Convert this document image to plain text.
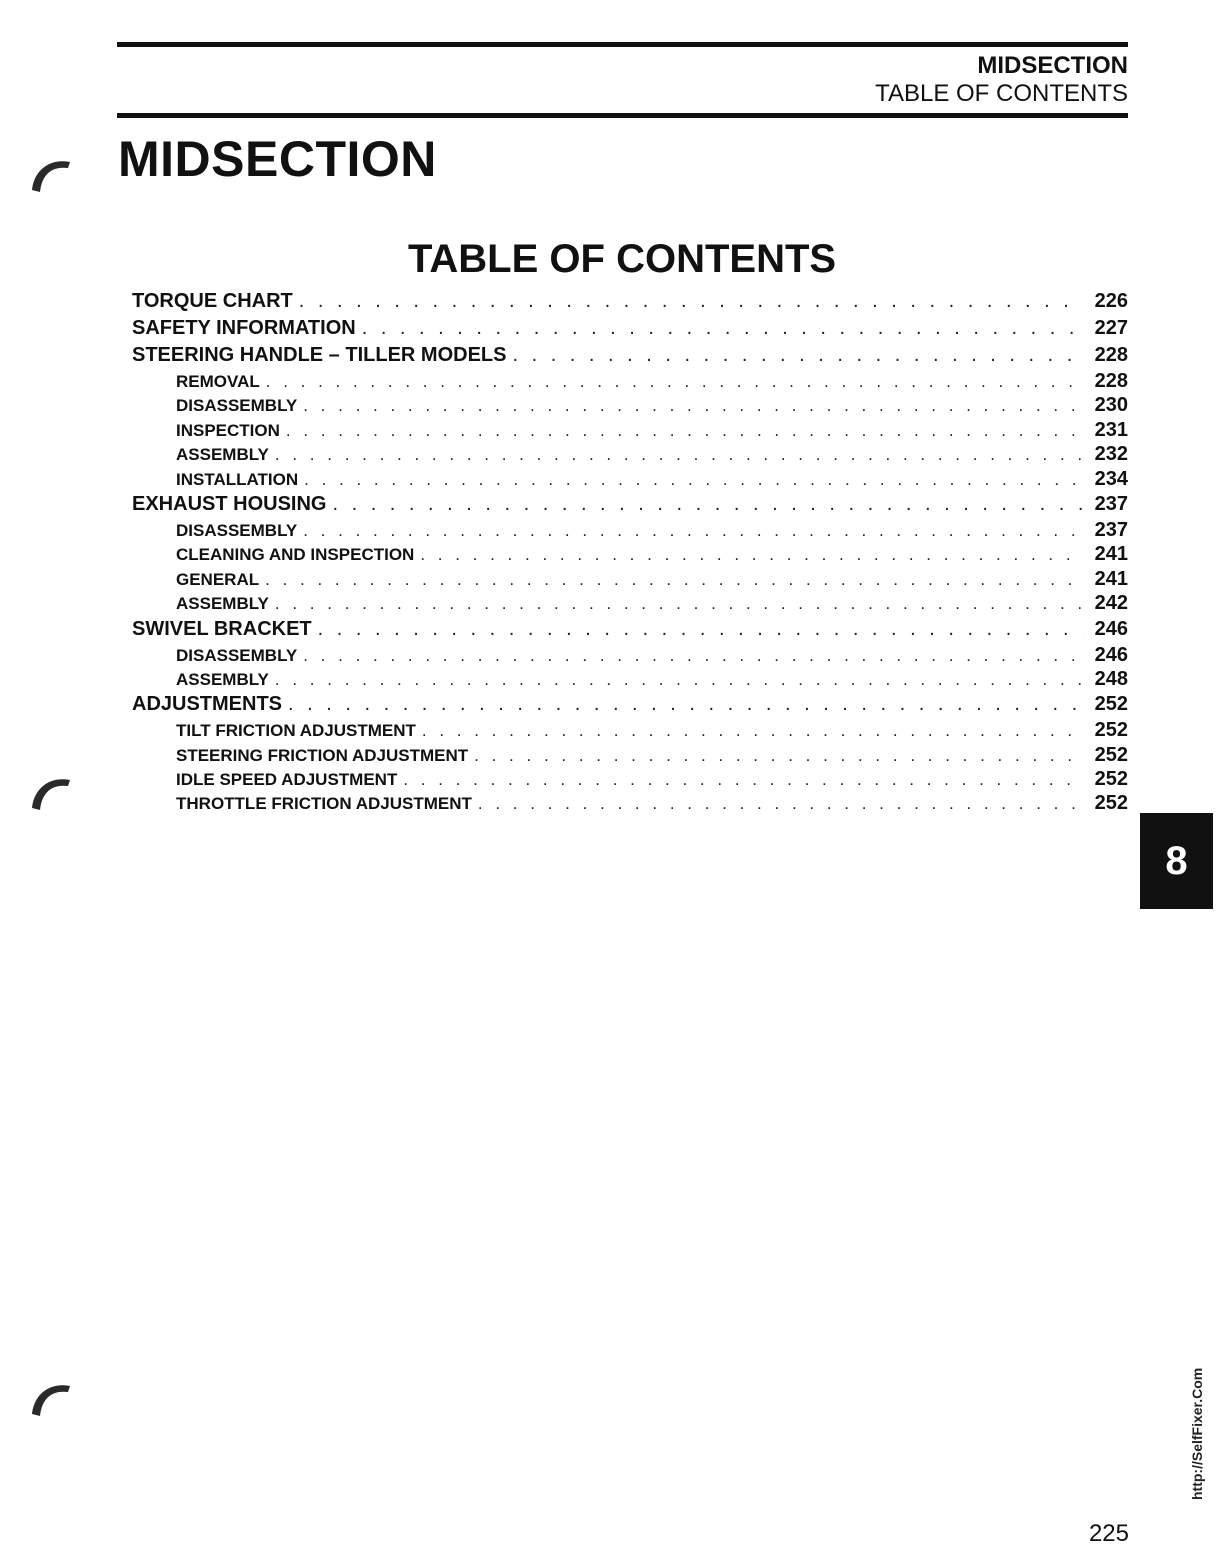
MIDSECTION
TABLE OF CONTENTS
MIDSECTION
TABLE OF CONTENTS
TORQUE CHART . . .	226
SAFETY INFORMATION . . .	227
STEERING HANDLE – TILLER MODELS . . .	228
REMOVAL . . .	228
DISASSEMBLY . . .	230
INSPECTION . . .	231
ASSEMBLY . . .	232
INSTALLATION . . .	234
EXHAUST HOUSING . . .	237
DISASSEMBLY . . .	237
CLEANING AND INSPECTION . . .	241
GENERAL . . .	241
ASSEMBLY . . .	242
SWIVEL BRACKET . . .	246
DISASSEMBLY . . .	246
ASSEMBLY . . .	248
ADJUSTMENTS . . .	252
TILT FRICTION ADJUSTMENT . . .	252
STEERING FRICTION ADJUSTMENT . . .	252
IDLE SPEED ADJUSTMENT . . .	252
THROTTLE FRICTION ADJUSTMENT . . .	252
8
225
http://SelfFixer.Com
